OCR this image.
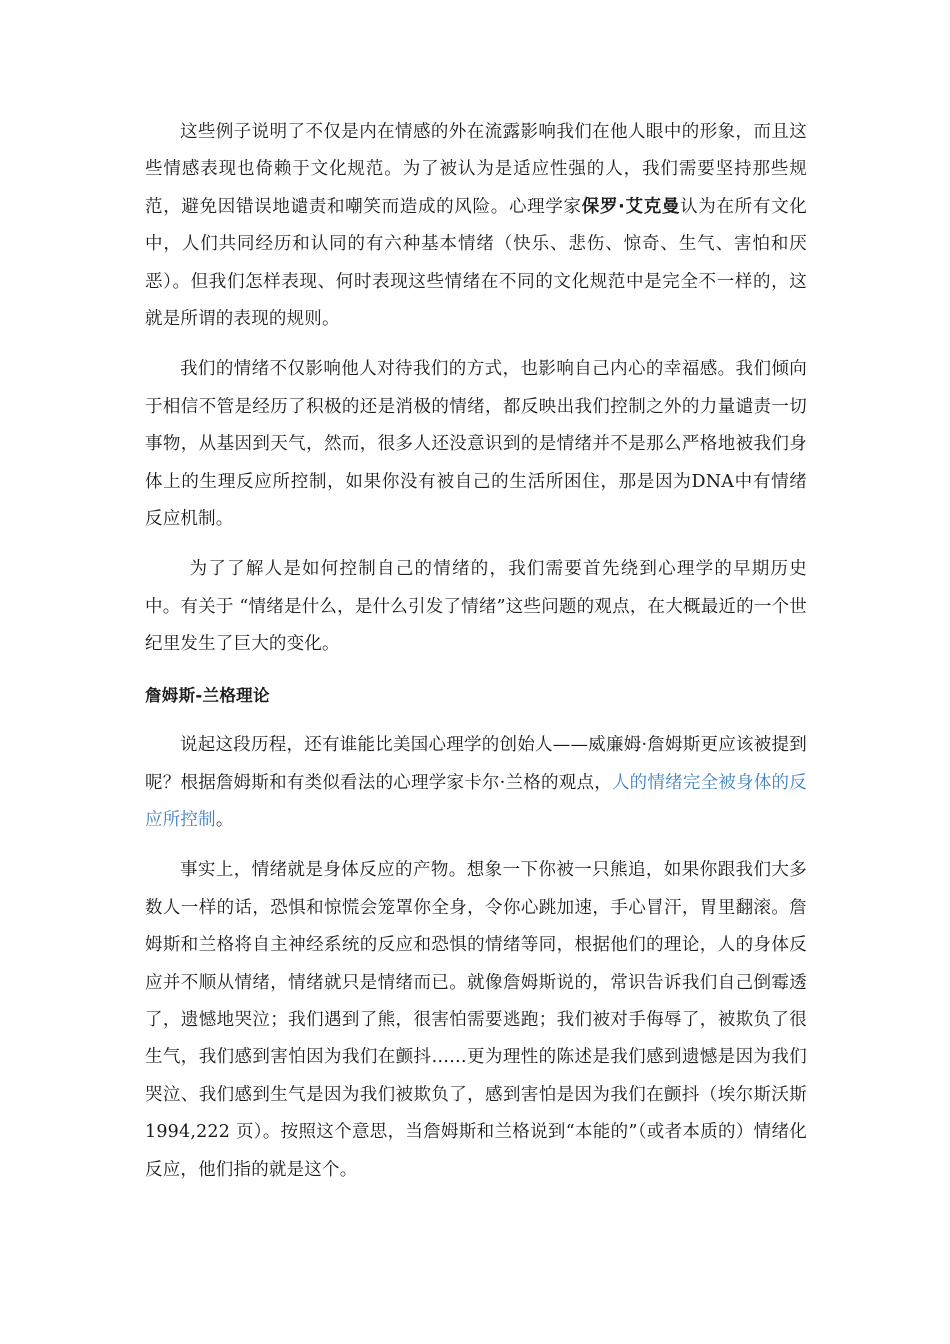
这些例子说明了不仅是内在情感的外在流露影响我们在他人眼中的形象，而且这些情感表现也倚赖于文化规范。为了被认为是适应性强的人，我们需要坚持那些规范，避免因错误地谴责和嘲笑而造成的风险。心理学家保罗·艾克曼认为在所有文化中，人们共同经历和认同的有六种基本情绪（快乐、悲伤、惊奇、生气、害怕和厌恶）。但我们怎样表现、何时表现这些情绪在不同的文化规范中是完全不一样的，这就是所谓的表现的规则。

我们的情绪不仅影响他人对待我们的方式，也影响自己内心的幸福感。我们倾向于相信不管是经历了积极的还是消极的情绪，都反映出我们控制之外的力量谴责一切事物，从基因到天气，然而，很多人还没意识到的是情绪并不是那么严格地被我们身体上的生理反应所控制，如果你没有被自己的生活所困住，那是因为DNA中有情绪反应机制。

为了了解人是如何控制自己的情绪的，我们需要首先绕到心理学的早期历史中。有关于 “情绪是什么，是什么引发了情绪”这些问题的观点，在大概最近的一个世纪里发生了巨大的变化。

詹姆斯-兰格理论

说起这段历程，还有谁能比美国心理学的创始人——威廉姆·詹姆斯更应该被提到呢？根据詹姆斯和有类似看法的心理学家卡尔·兰格的观点，人的情绪完全被身体的反应所控制。

事实上，情绪就是身体反应的产物。想象一下你被一只熊追，如果你跟我们大多数人一样的话，恐惧和惊慌会笼罩你全身，令你心跳加速，手心冒汗，胃里翻滚。詹姆斯和兰格将自主神经系统的反应和恐惧的情绪等同，根据他们的理论，人的身体反应并不顺从情绪，情绪就只是情绪而已。就像詹姆斯说的，常识告诉我们自己倒霉透了，遗憾地哭泣；我们遇到了熊，很害怕需要逃跑；我们被对手侮辱了，被欺负了很生气，我们感到害怕因为我们在颤抖……更为理性的陈述是我们感到遗憾是因为我们哭泣、我们感到生气是因为我们被欺负了，感到害怕是因为我们在颤抖（埃尔斯沃斯 1994,222 页）。按照这个意思，当詹姆斯和兰格说到“本能的”（或者本质的）情绪化反应，他们指的就是这个。
